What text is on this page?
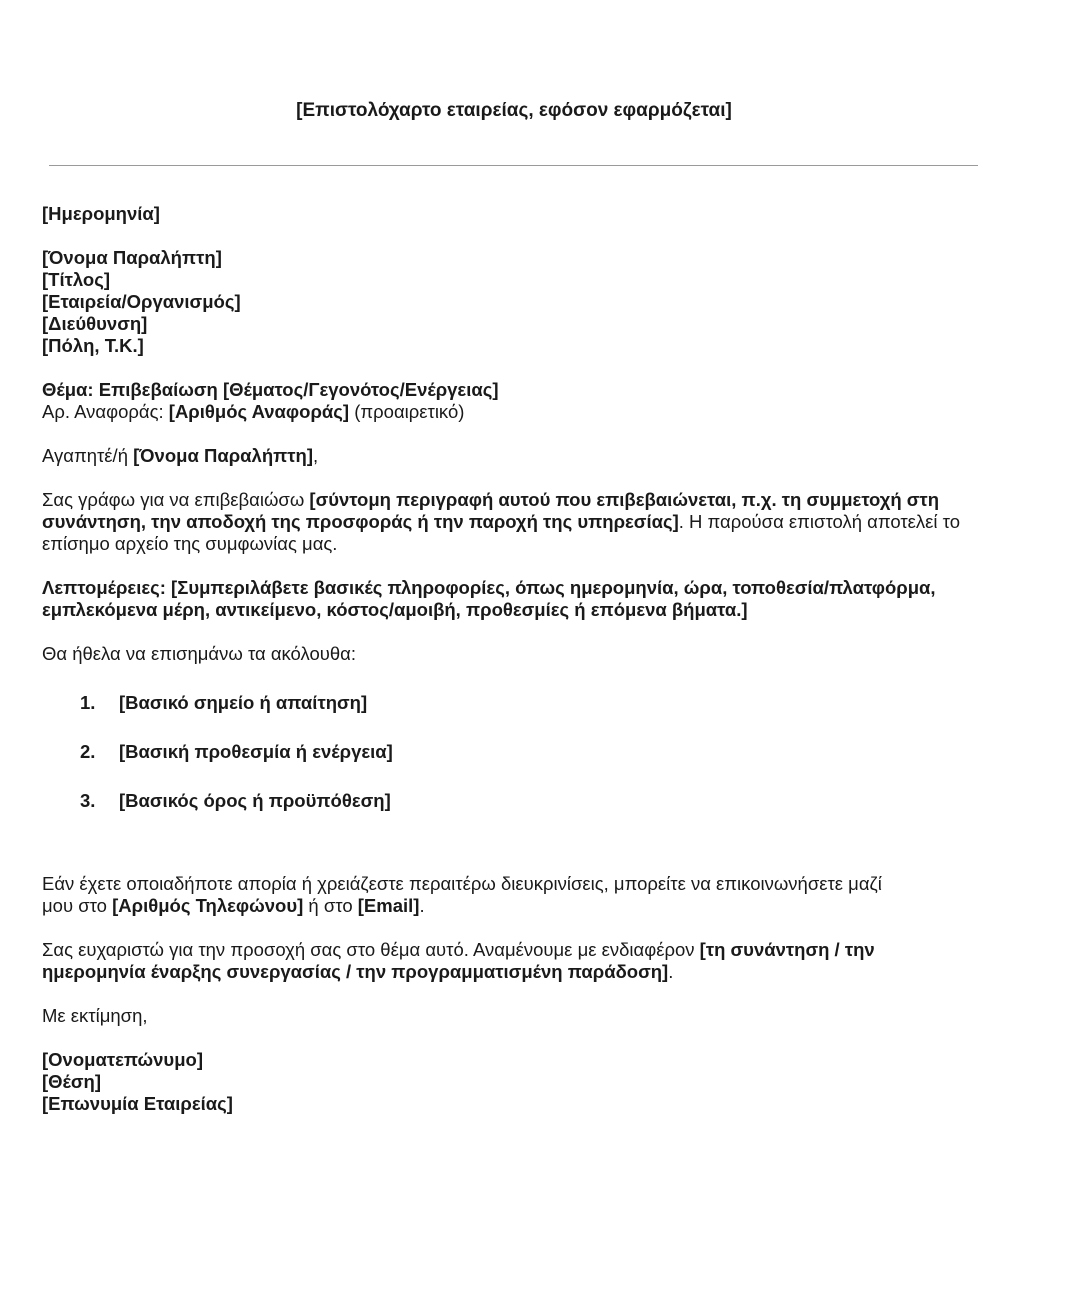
[Επιστολόχαρτο εταιρείας, εφόσον εφαρμόζεται]
[Ημερομηνία]
[Όνομα Παραλήπτη]
[Τίτλος]
[Εταιρεία/Οργανισμός]
[Διεύθυνση]
[Πόλη, Τ.Κ.]
Θέμα: Επιβεβαίωση [Θέματος/Γεγονότος/Ενέργειας]
Αρ. Αναφοράς: [Αριθμός Αναφοράς] (προαιρετικό)
Αγαπητέ/ή [Όνομα Παραλήπτη],
Σας γράφω για να επιβεβαιώσω [σύντομη περιγραφή αυτού που επιβεβαιώνεται, π.χ. τη συμμετοχή στη συνάντηση, την αποδοχή της προσφοράς ή την παροχή της υπηρεσίας]. Η παρούσα επιστολή αποτελεί το επίσημο αρχείο της συμφωνίας μας.
Λεπτομέρειες: [Συμπεριλάβετε βασικές πληροφορίες, όπως ημερομηνία, ώρα, τοποθεσία/πλατφόρμα, εμπλεκόμενα μέρη, αντικείμενο, κόστος/αμοιβή, προθεσμίες ή επόμενα βήματα.]
Θα ήθελα να επισημάνω τα ακόλουθα:
1. [Βασικό σημείο ή απαίτηση]
2. [Βασική προθεσμία ή ενέργεια]
3. [Βασικός όρος ή προϋπόθεση]
Εάν έχετε οποιαδήποτε απορία ή χρειάζεστε περαιτέρω διευκρινίσεις, μπορείτε να επικοινωνήσετε μαζί μου στο [Αριθμός Τηλεφώνου] ή στο [Email].
Σας ευχαριστώ για την προσοχή σας στο θέμα αυτό. Αναμένουμε με ενδιαφέρον [τη συνάντηση / την ημερομηνία έναρξης συνεργασίας / την προγραμματισμένη παράδοση].
Με εκτίμηση,
[Ονοματεπώνυμο]
[Θέση]
[Επωνυμία Εταιρείας]
